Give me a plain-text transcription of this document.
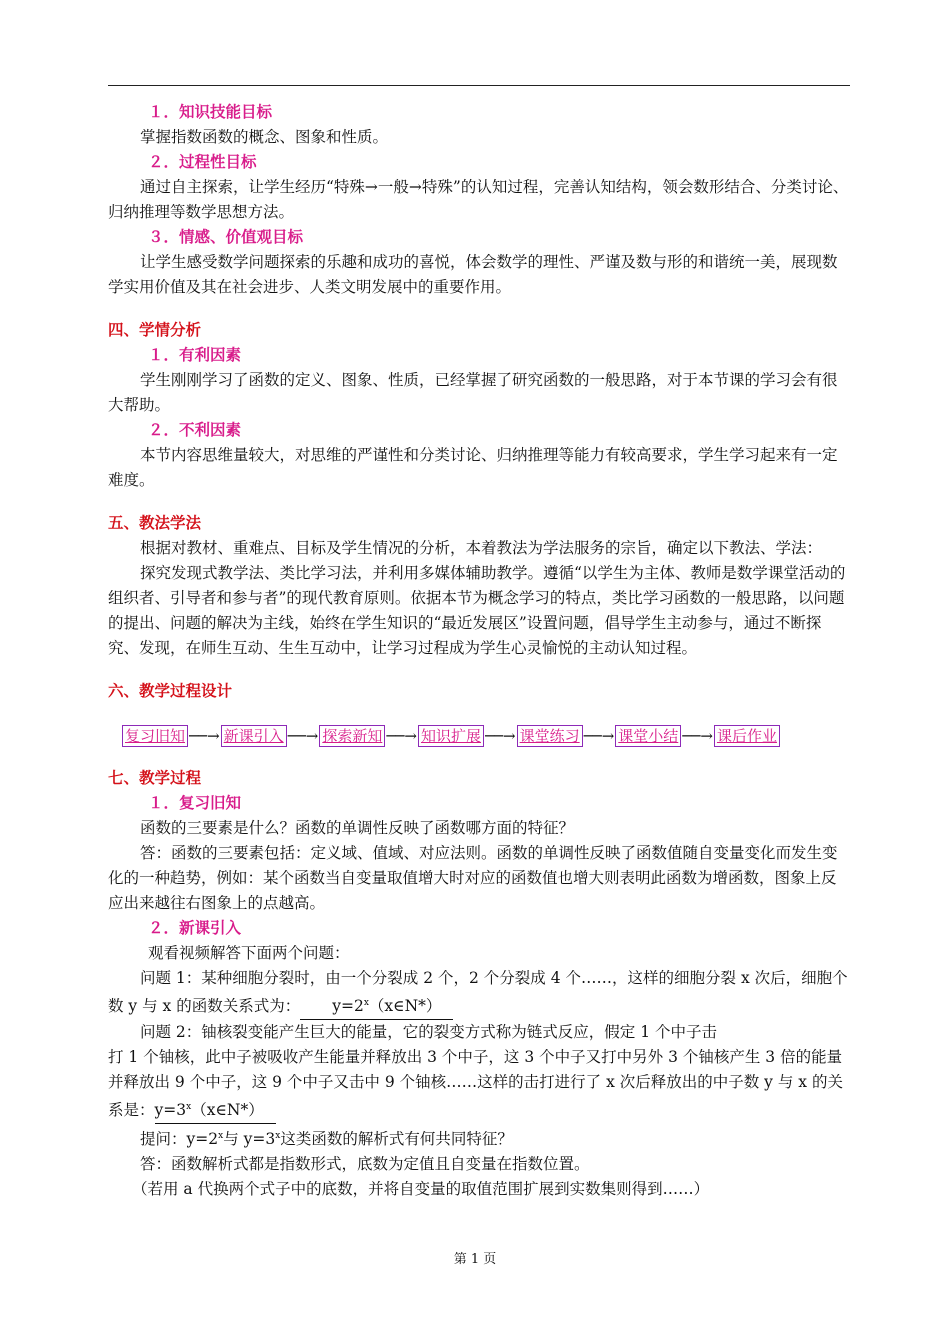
１．知识技能目标

掌握指数函数的概念、图象和性质。

２．过程性目标

通过自主探索，让学生经历“特殊→一般→特殊”的认知过程，完善认知结构，领会数形结合、分类讨论、归纳推理等数学思想方法。

３．情感、价值观目标

让学生感受数学问题探索的乐趣和成功的喜悦，体会数学的理性、严谨及数与形的和谐统一美，展现数学实用价值及其在社会进步、人类文明发展中的重要作用。

四、学情分析
１．有利因素

学生刚刚学习了函数的定义、图象、性质，已经掌握了研究函数的一般思路，对于本节课的学习会有很大帮助。

２．不利因素

本节内容思维量较大，对思维的严谨性和分类讨论、归纳推理等能力有较高要求，学生学习起来有一定难度。

五、教法学法

根据对教材、重难点、目标及学生情况的分析，本着教法为学法服务的宗旨，确定以下教法、学法：

探究发现式教学法、类比学习法，并利用多媒体辅助教学。遵循“以学生为主体、教师是数学课堂活动的组织者、引导者和参与者”的现代教育原则。依据本节为概念学习的特点，类比学习函数的一般思路，以问题的提出、问题的解决为主线，始终在学生知识的“最近发展区”设置问题，倡导学生主动参与，通过不断探究、发现，在师生互动、生生互动中，让学习过程成为学生心灵愉悦的主动认知过程。

六、教学过程设计
复习旧知 ──→ 新课引入 ──→ 探索新知 ──→ 知识扩展 ──→ 课堂练习 ──→ 课堂小结 ──→ 课后作业
七、教学过程
１．复习旧知

函数的三要素是什么？函数的单调性反映了函数哪方面的特征？

答：函数的三要素包括：定义域、值域、对应法则。函数的单调性反映了函数值随自变量变化而发生变化的一种趋势，例如：某个函数当自变量取值增大时对应的函数值也增大则表明此函数为增函数，图象上反应出来越往右图象上的点越高。

２．新课引入

观看视频解答下面两个问题：

问题 1：某种细胞分裂时，由一个分裂成 2 个，2 个分裂成 4 个……，这样的细胞分裂 x 次后，细胞个数 y 与 x 的函数关系式为： $y=2^x(x\in N*)$

问题 2：铀核裂变能产生巨大的能量，它的裂变方式称为链式反应，假定 1 个中子击

打 1 个铀核，此中子被吸收产生能量并释放出 3 个中子，这 3 个中子又打中另外 3 个铀核产生 3 倍的能量并释放出 9 个中子，这 9 个中子又击中 9 个铀核……这样的击打进行了 x 次后释放出的中子数 y 与 x 的关系是：$y=3^x(x\in N*)$

提问：$y=2^x$与 $y=3^x$这类函数的解析式有何共同特征？

答：函数解析式都是指数形式，底数为定值且自变量在指数位置。

（若用 a 代换两个式子中的底数，并将自变量的取值范围扩展到实数集则得到……）

第 1 页
